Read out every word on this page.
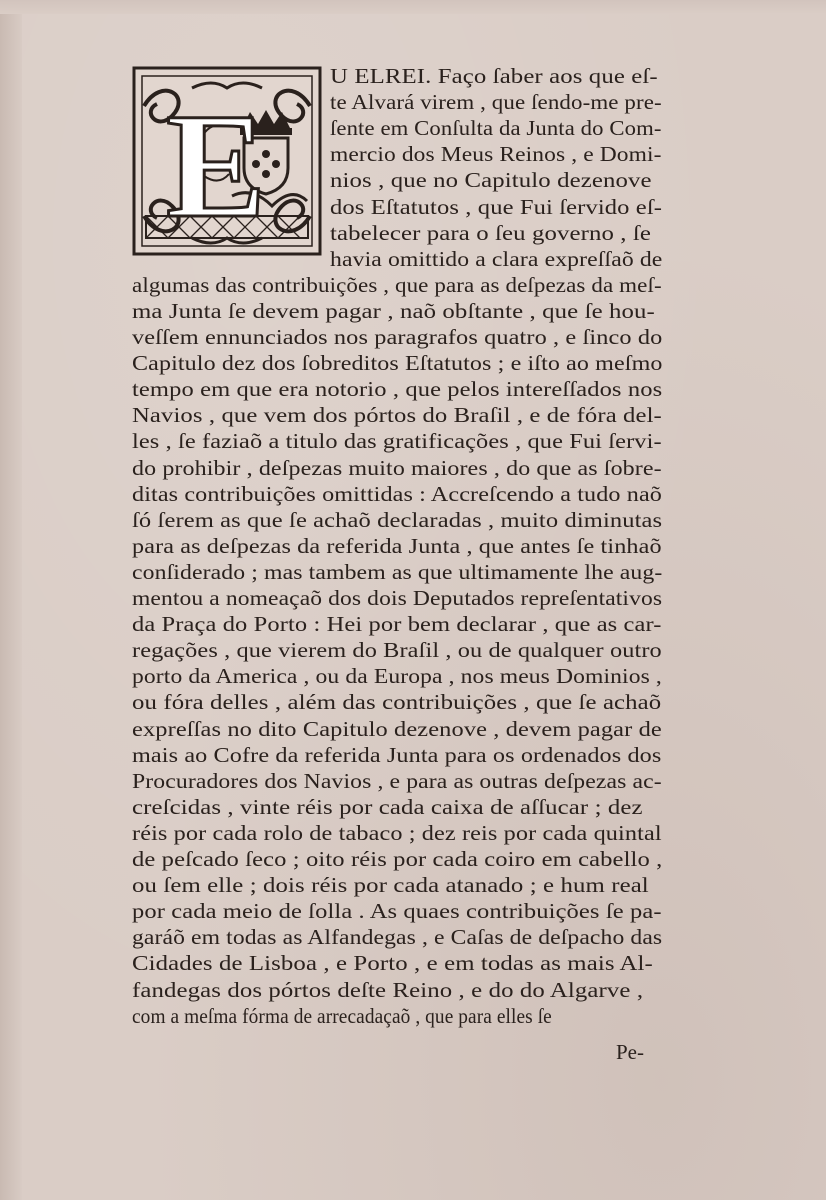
E
U ELREI. Faço ſaber aos que eſ-
te Alvará virem , que ſendo-me pre-
ſente em Conſulta da Junta do Com-
mercio dos Meus Reinos , e Domi-
nios , que no Capitulo dezenove
dos Eſtatutos , que Fui ſervido eſ-
tabelecer para o ſeu governo , ſe
havia omittido a clara expreſſaõ de
algumas das contribuições , que para as deſpezas da meſ-
ma Junta ſe devem pagar , naõ obſtante , que ſe hou-
veſſem ennunciados nos paragrafos quatro , e ſinco do
Capitulo dez dos ſobreditos Eſtatutos ; e iſto ao meſmo
tempo em que era notorio , que pelos intereſſados nos
Navios , que vem dos pórtos do Braſil , e de fóra del-
les , ſe faziaõ a titulo das gratificações , que Fui ſervi-
do prohibir , deſpezas muito maiores , do que as ſobre-
ditas contribuições omittidas : Accreſcendo a tudo naõ
ſó ſerem as que ſe achaõ declaradas , muito diminutas
para as deſpezas da referida Junta , que antes ſe tinhaõ
conſiderado ; mas tambem as que ultimamente lhe aug-
mentou a nomeaçaõ dos dois Deputados repreſentativos
da Praça do Porto : Hei por bem declarar , que as car-
regações , que vierem do Braſil , ou de qualquer outro
porto da America , ou da Europa , nos meus Dominios ,
ou fóra delles , além das contribuições , que ſe achaõ
expreſſas no dito Capitulo dezenove , devem pagar de
mais ao Cofre da referida Junta para os ordenados dos
Procuradores dos Navios , e para as outras deſpezas ac-
creſcidas , vinte réis por cada caixa de aſſucar ; dez
réis por cada rolo de tabaco ; dez reis por cada quintal
de peſcado ſeco ; oito réis por cada coiro em cabello ,
ou ſem elle ; dois réis por cada atanado ; e hum real
por cada meio de ſolla . As quaes contribuições ſe pa-
garáõ em todas as Alfandegas , e Caſas de deſpacho das
Cidades de Lisboa , e Porto , e em todas as mais Al-
fandegas dos pórtos deſte Reino , e do do Algarve ,
com a meſma fórma de arrecadaçaõ , que para elles ſe
Pe-
